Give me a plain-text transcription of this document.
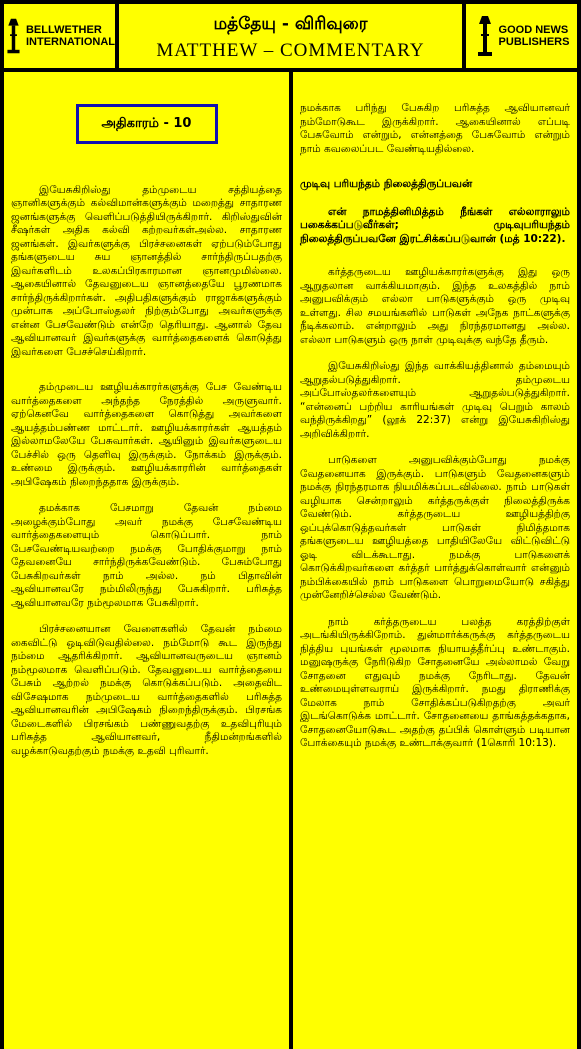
BELLWETHER
INTERNATIONAL
மத்தேயு - விரிவுரை
MATTHEW – COMMENTARY
GOOD NEWS
PUBLISHERS
அதிகாரம் - 10

இயேசுகிறிஸ்து தம்முடைய சத்தியத்தை ஞானிகளுக்கும் கல்விமான்களுக்கும் மறைத்து சாதாரண ஜனங்களுக்கு வெளிப்படுத்தியிருக்கிறார். கிறிஸ்துவின் சீஷர்கள் அதிக கல்வி கற்றவர்கள்அல்ல. சாதாரண ஜனங்கள். இவர்களுக்கு பிரச்சனைகள் ஏற்படும்போது தங்களுடைய சுய ஞானத்தில் சார்ந்திருப்பதற்கு இவர்களிடம் உலகப்பிரகாரமான ஞானமுமில்லை. ஆகையினால் தேவனுடைய ஞானத்தையே பூரணமாக சார்ந்திருக்கிறார்கள். அதிபதிகளுக்கும் ராஜாக்களுக்கும் முன்பாக அப்போஸ்தலர் நிற்கும்போது அவர்களுக்கு என்ன பேசவேண்டும் என்றே தெரியாது. ஆனால் தேவ ஆவியானவர் இவர்களுக்கு வார்த்தைகளைக் கொடுத்து இவர்களை பேசச்செய்கிறார்.

தம்முடைய ஊழியக்காரர்களுக்கு பேச வேண்டிய வார்த்தைகளை அந்தந்த நேரத்தில் அருளுவார். ஏற்கெனவே வார்த்தைகளை கொடுத்து அவர்களை ஆயத்தம்பண்ண மாட்டார். ஊழியக்காரர்கள் ஆயத்தம் இல்லாமலேயே பேசுவார்கள். ஆயினும் இவர்களுடைய பேச்சில் ஒரு தெளிவு இருக்கும். நோக்கம் இருக்கும். உண்மை இருக்கும். ஊழியக்காரரின் வார்த்தைகள் அபிஷேகம் நிறைந்ததாக இருக்கும்.

தமக்காக பேசமாறு தேவன் நம்மை அழைக்கும்போது அவர் நமக்கு பேசவேண்டிய வார்த்தைகளையும் கொடுப்பார். நாம் பேசவேண்டியவற்றை நமக்கு போதிக்குமாறு நாம் தேவனையே சார்ந்திருக்கவேண்டும். பேசும்போது பேசுகிறவர்கள் நாம் அல்ல. நம் பிதாவின் ஆவியானவரே நம்மிலிருந்து பேசுகிறார். பரிசுத்த ஆவியானவரே நம்மூலமாக பேசுகிறார்.

பிரச்சனையான வேளைகளில் தேவன் நம்மை கைவிட்டு ஒடிவிடுவதில்லை. நம்மோடு கூட இருந்து நம்மை ஆதரிக்கிறார். ஆவியானவருடைய ஞானம் நம்மூலமாக வெளிப்படும். தேவனுடைய வார்த்தையை பேசும் ஆற்றல் நமக்கு கொடுக்கப்படும். அதைவிட விசேஷமாக நம்முடைய வார்த்தைகளில் பரிசுத்த ஆவியானவரின் அபிஷேகம் நிறைந்திருக்கும். பிரசங்க மேடைகளில் பிரசங்கம் பண்ணுவதற்கு உதவிபுரியும் பரிசுத்த ஆவியானவர், நீதிமன்றங்களில் வழக்காடுவதற்கும் நமக்கு உதவி புரிவார்.

நமக்காக பரிந்து பேசுகிற பரிசுத்த ஆவியானவர் நம்மோடுகூட இருக்கிறார். ஆகையினால் எப்படி பேசுவோம் என்றும், என்னத்தை பேசுவோம் என்றும் நாம் கவலைப்பட வேண்டியதில்லை.

முடிவு பரியந்தம் நிலைத்திருப்பவன்
என் நாமத்தினிமித்தம் நீங்கள் எல்லாராலும் பகைக்கப்படுவீர்கள்; முடிவுபரியந்தம் நிலைத்திருப்பவனே இரட்சிக்கப்படுவான் (மத் 10:22).

கர்த்தருடைய ஊழியக்காரர்களுக்கு இது ஒரு ஆறுதலான வாக்கியமாகும். இந்த உலகத்தில் நாம் அனுபவிக்கும் எல்லா பாடுகளுக்கும் ஒரு முடிவு உள்ளது. சில சமயங்களில் பாடுகள் அநேக நாட்களுக்கு நீடிக்கலாம். என்றாலும் அது நிரந்தரமானது அல்ல. எல்லா பாடுகளும் ஒரு நாள் முடிவுக்கு வந்தே தீரும்.

இயேசுகிறிஸ்து இந்த வாக்கியத்தினால் தம்மையும் ஆறுதல்படுத்துகிறார். தம்முடைய அப்போஸ்தலர்களையும் ஆறுதல்படுத்துகிறார். “என்னைப் பற்றிய காரியங்கள் முடிவு பெறும் காலம் வந்திருக்கிறது” (லூக் 22:37) என்று இயேசுகிறிஸ்து அறிவிக்கிறார்.

பாடுகளை அனுபவிக்கும்போது நமக்கு வேதனையாக இருக்கும். பாடுகளும் வேதனைகளும் நமக்கு நிரந்தரமாக நியமிக்கப்படவில்லை. நாம் பாடுகள் வழியாக சென்றாலும் கர்த்தருக்குள் நிலைத்திருக்க வேண்டும். கர்த்தருடைய ஊழியத்திற்கு ஒப்புக்கொடுத்தவர்கள் பாடுகள் நிமித்தமாக தங்களுடைய ஊழியத்தை பாதியிலேயே விட்டுவிட்டு ஓடி விடக்கூடாது. நமக்கு பாடுகளைக் கொடுக்கிறவர்களை கர்த்தர் பார்த்துக்கொள்வார் என்னும் நம்பிக்கையில் நாம் பாடுகளை பொறுமையோடு சகித்து முன்னேறிச்செல்ல வேண்டும்.

நாம் கர்த்தருடைய பலத்த கரத்திற்குள் அடங்கியிருக்கிறோம். துன்மார்க்கருக்கு கர்த்தருடைய நித்திய புயங்கள் மூலமாக நியாயத்தீர்ப்பு உண்டாகும். மனுஷருக்கு நேரிடுகிற சோதனையே அல்லாமல் வேறு சோதனை எதுவும் நமக்கு நேரிடாது. தேவன் உண்மையுள்ளவராய் இருக்கிறார். நமது திராணிக்கு மேலாக நாம் சோதிக்கப்படுகிறதற்கு அவர் இடங்கொடுக்க மாட்டார். சோதனையை தாங்கத்தக்கதாக, சோதனையோடுகூட அதற்கு தப்பிக் கொள்ளும் படியான போக்கையும் நமக்கு உண்டாக்குவார் (1கொரி 10:13).
